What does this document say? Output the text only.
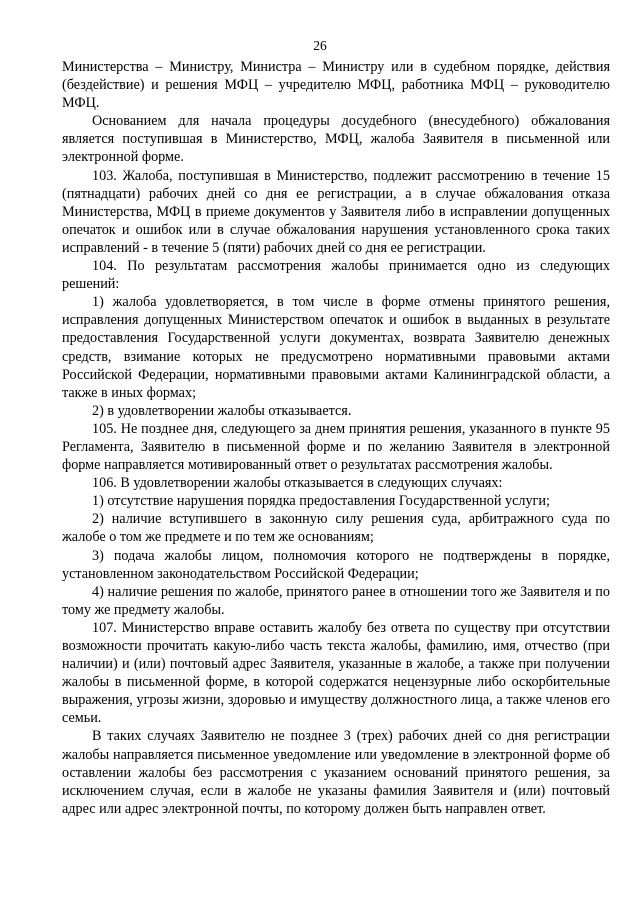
26

Министерства – Министру, Министра – Министру или в судебном порядке, действия (бездействие) и решения МФЦ – учредителю МФЦ, работника МФЦ – руководителю МФЦ.

Основанием для начала процедуры досудебного (внесудебного) обжалования является поступившая в Министерство, МФЦ, жалоба Заявителя в письменной или электронной форме.

103. Жалоба, поступившая в Министерство, подлежит рассмотрению в течение 15 (пятнадцати) рабочих дней со дня ее регистрации, а в случае обжалования отказа Министерства, МФЦ в приеме документов у Заявителя либо в исправлении допущенных опечаток и ошибок или в случае обжалования нарушения установленного срока таких исправлений - в течение 5 (пяти) рабочих дней со дня ее регистрации.

104. По результатам рассмотрения жалобы принимается одно из следующих решений:

1) жалоба удовлетворяется, в том числе в форме отмены принятого решения, исправления допущенных Министерством опечаток и ошибок в выданных в результате предоставления Государственной услуги документах, возврата Заявителю денежных средств, взимание которых не предусмотрено нормативными правовыми актами Российской Федерации, нормативными правовыми актами Калининградской области, а также в иных формах;

2) в удовлетворении жалобы отказывается.

105. Не позднее дня, следующего за днем принятия решения, указанного в пункте 95 Регламента, Заявителю в письменной форме и по желанию Заявителя в электронной форме направляется мотивированный ответ о результатах рассмотрения жалобы.

106. В удовлетворении жалобы отказывается в следующих случаях:

1) отсутствие нарушения порядка предоставления Государственной услуги;

2) наличие вступившего в законную силу решения суда, арбитражного суда по жалобе о том же предмете и по тем же основаниям;

3) подача жалобы лицом, полномочия которого не подтверждены в порядке, установленном законодательством Российской Федерации;

4) наличие решения по жалобе, принятого ранее в отношении того же Заявителя и по тому же предмету жалобы.

107. Министерство вправе оставить жалобу без ответа по существу при отсутствии возможности прочитать какую-либо часть текста жалобы, фамилию, имя, отчество (при наличии) и (или) почтовый адрес Заявителя, указанные в жалобе, а также при получении жалобы в письменной форме, в которой содержатся нецензурные либо оскорбительные выражения, угрозы жизни, здоровью и имуществу должностного лица, а также членов его семьи.

В таких случаях Заявителю не позднее 3 (трех) рабочих дней со дня регистрации жалобы направляется письменное уведомление или уведомление в электронной форме об оставлении жалобы без рассмотрения с указанием оснований принятого решения, за исключением случая, если в жалобе не указаны фамилия Заявителя и (или) почтовый адрес или адрес электронной почты, по которому должен быть направлен ответ.
